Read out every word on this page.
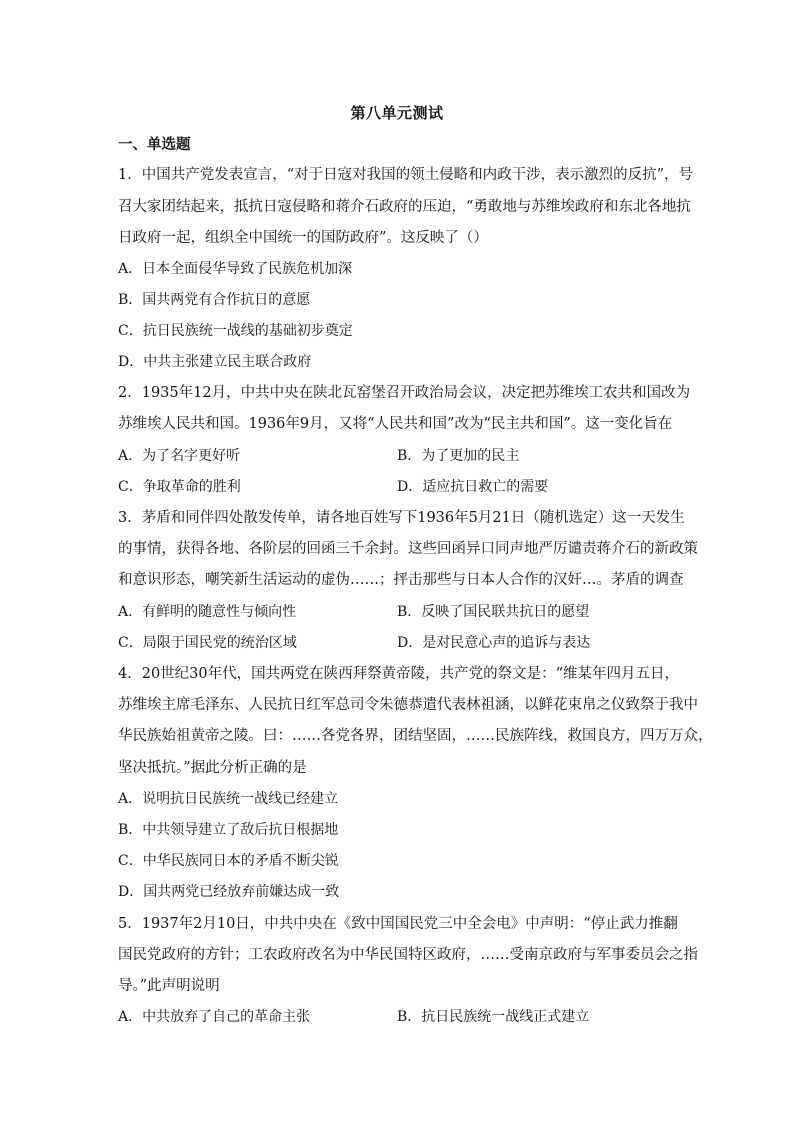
第八单元测试
一、单选题
1．中国共产党发表宣言，“对于日寇对我国的领土侵略和内政干涉，表示激烈的反抗”，号
召大家团结起来，抵抗日寇侵略和蒋介石政府的压迫，“勇敢地与苏维埃政府和东北各地抗
日政府一起，组织全中国统一的国防政府”。这反映了（）
A．日本全面侵华导致了民族危机加深
B．国共两党有合作抗日的意愿
C．抗日民族统一战线的基础初步奠定
D．中共主张建立民主联合政府
2．1935年12月，中共中央在陕北瓦窑堡召开政治局会议，决定把苏维埃工农共和国改为
苏维埃人民共和国。1936年9月，又将“人民共和国”改为“民主共和国”。这一变化旨在
A．为了名字更好听	B．为了更加的民主
C．争取革命的胜利	D．适应抗日救亡的需要
3．茅盾和同伴四处散发传单，请各地百姓写下1936年5月21日（随机选定）这一天发生
的事情，获得各地、各阶层的回函三千余封。这些回函异口同声地严厉谴责蒋介石的新政策
和意识形态，嘲笑新生活运动的虚伪……；抨击那些与日本人合作的汉奸…。茅盾的调查
A．有鲜明的随意性与倾向性	B．反映了国民联共抗日的愿望
C．局限于国民党的统治区域	D．是对民意心声的追诉与表达
4．20世纪30年代，国共两党在陕西拜祭黄帝陵，共产党的祭文是：“维某年四月五日，
苏维埃主席毛泽东、人民抗日红军总司令朱德恭遣代表林祖涵，以鲜花束帛之仪致祭于我中
华民族始祖黄帝之陵。曰：……各党各界，团结坚固，……民族阵线，救国良方，四万万众，
坚决抵抗。”据此分析正确的是
A．说明抗日民族统一战线已经建立
B．中共领导建立了敌后抗日根据地
C．中华民族同日本的矛盾不断尖锐
D．国共两党已经放弃前嫌达成一致
5．1937年2月10日，中共中央在《致中国国民党三中全会电》中声明：“停止武力推翻
国民党政府的方针；工农政府改名为中华民国特区政府，……受南京政府与军事委员会之指
导。”此声明说明
A．中共放弃了自己的革命主张	B．抗日民族统一战线正式建立
